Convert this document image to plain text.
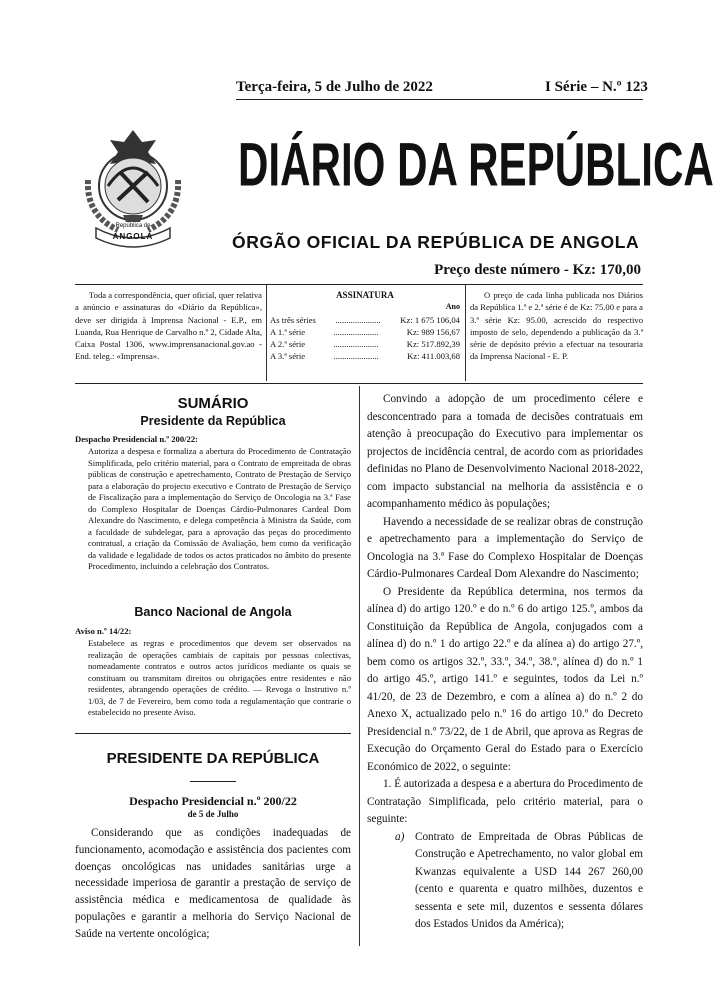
Terça-feira, 5 de Julho de 2022	I Série – N.º 123
República de
ANGOLA
DIÁRIO DA REPÚBLICA
ÓRGÃO OFICIAL DA REPÚBLICA DE ANGOLA
Preço deste número - Kz: 170,00
Toda a correspondência, quer oficial, quer relativa a anúncio e assinaturas do «Diário da República», deve ser dirigida à Imprensa Nacional - E.P., em Luanda, Rua Henrique de Carvalho n.º 2, Cidade Alta, Caixa Postal 1306, www.imprensanacional.gov.ao - End. teleg.: «Imprensa».
ASSINATURA
Ano
As três séries ..................... Kz: 1 675 106,04
A 1.ª série	.....................	Kz: 989 156,67
A 2.ª série	.....................	Kz: 517.892,39
A 3.ª série	.....................	Kz: 411.003,68
O preço de cada linha publicada nos Diários da República 1.ª e 2.ª série é de Kz: 75.00 e para a 3.ª série Kz: 95.00, acrescido do respectivo imposto de selo, dependendo a publicação da 3.ª série de depósito prévio a efectuar na tesouraria da Imprensa Nacional - E. P.
SUMÁRIO
Presidente da República
Despacho Presidencial n.º 200/22:
Autoriza a despesa e formaliza a abertura do Procedimento de Contratação Simplificada, pelo critério material, para o Contrato de empreitada de obras públicas de construção e apetrechamento, Contrato de Prestação de Serviço para a elaboração do projecto executivo e Contrato de Prestação de Serviço de Fiscalização para a implementação do Serviço de Oncologia na 3.ª Fase do Complexo Hospitalar de Doenças Cárdio-Pulmonares Cardeal Dom Alexandre do Nascimento, e delega competência à Ministra da Saúde, com a faculdade de subdelegar, para a aprovação das peças do procedimento contratual, a criação da Comissão de Avaliação, bem como da verificação da validade e legalidade de todos os actos praticados no âmbito do presente Procedimento, incluindo a celebração dos Contratos.
Banco Nacional de Angola
Aviso n.º 14/22:
Estabelece as regras e procedimentos que devem ser observados na realização de operações cambiais de capitais por pessoas colectivas, nomeadamente contratos e outros actos jurídicos mediante os quais se constituam ou transmitam direitos ou obrigações entre residentes e não residentes, abrangendo operações de crédito. — Revoga o Instrutivo n.º 1/03, de 7 de Fevereiro, bem como toda a regulamentação que contrarie o estabelecido no presente Aviso.
PRESIDENTE DA REPÚBLICA
Despacho Presidencial n.º 200/22
de 5 de Julho

Considerando que as condições inadequadas de funcionamento, acomodação e assistência dos pacientes com doenças oncológicas nas unidades sanitárias urge a necessidade imperiosa de garantir a prestação de serviço de assistência médica e medicamentosa de qualidade às populações e garantir a melhoria do Serviço Nacional de Saúde na vertente oncológica;

Convindo a adopção de um procedimento célere e desconcentrado para a tomada de decisões contratuais em atenção à preocupação do Executivo para implementar os projectos de incidência central, de acordo com as prioridades definidas no Plano de Desenvolvimento Nacional 2018-2022, com impacto substancial na melhoria da assistência e o acompanhamento médico às populações;

Havendo a necessidade de se realizar obras de construção e apetrechamento para a implementação do Serviço de Oncologia na 3.ª Fase do Complexo Hospitalar de Doenças Cárdio-Pulmonares Cardeal Dom Alexandre do Nascimento;

O Presidente da República determina, nos termos da alínea d) do artigo 120.º e do n.º 6 do artigo 125.º, ambos da Constituição da República de Angola, conjugados com a alínea d) do n.º 1 do artigo 22.º e da alínea a) do artigo 27.º, bem como os artigos 32.º, 33.º, 34.º, 38.º, alínea d) do n.º 1 do artigo 45.º, artigo 141.º e seguintes, todos da Lei n.º 41/20, de 23 de Dezembro, e com a alínea a) do n.º 2 do Anexo X, actualizado pelo n.º 16 do artigo 10.º do Decreto Presidencial n.º 73/22, de 1 de Abril, que aprova as Regras de Execução do Orçamento Geral do Estado para o Exercício Económico de 2022, o seguinte:

1. É autorizada a despesa e a abertura do Procedimento de Contratação Simplificada, pelo critério material, para o seguinte:

a) Contrato de Empreitada de Obras Públicas de Construção e Apetrechamento, no valor global em Kwanzas equivalente a USD 144 267 260,00 (cento e quarenta e quatro milhões, duzentos e sessenta e sete mil, duzentos e sessenta dólares dos Estados Unidos da América);
